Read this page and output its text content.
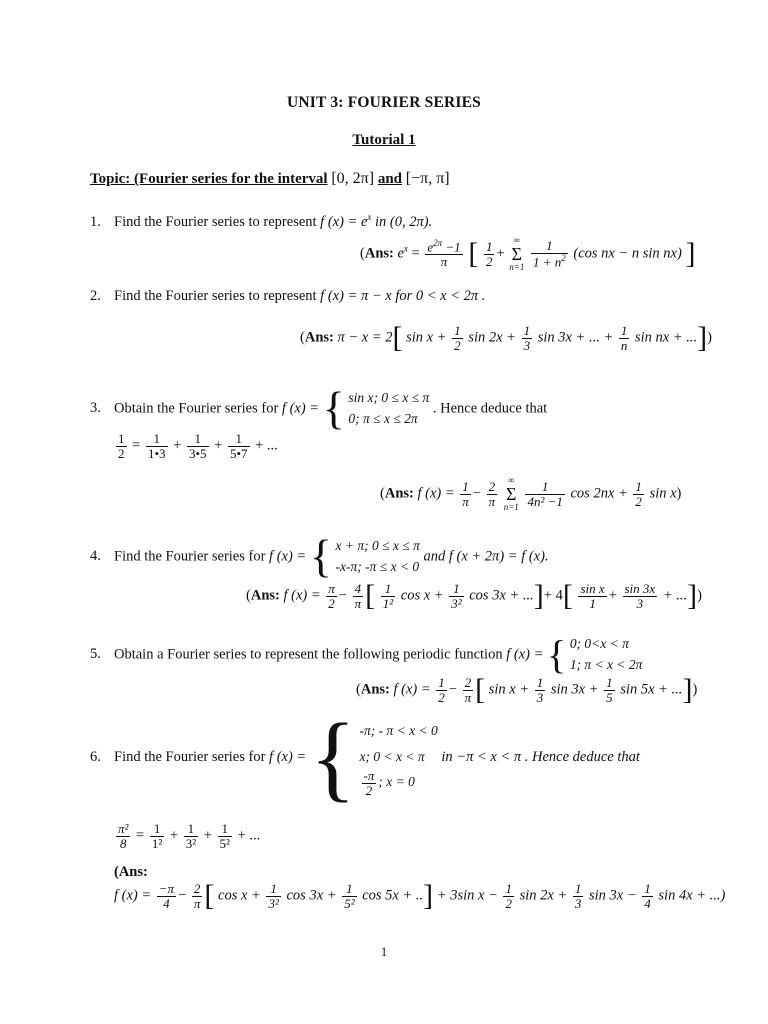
UNIT 3: FOURIER SERIES
Tutorial 1
Topic: (Fourier series for the interval [0, 2π] and [−π, π]
1. Find the Fourier series to represent f $(x) = e^x$ in (0, 2π).
(Ans: $e^x = \frac{e^{2\pi} -1}{\pi}$ [ $\frac{1}{2}$ +
∞
Σ
n=1
$\frac{1}{1 + n^2} (\cos$ nx − n sin nx) ]
2. Find the Fourier series to represent f (x) = π − x for 0 < x < 2π .
(Ans: π − x = 2[ $\sin x + \frac{1}{2}$ $\sin 2x + \frac{1}{3}$ sin 3x + ... + $\frac{1}{n}$ sin nx + ...])
3. Obtain the Fourier series for f (x) = { sin x; 0 ≤ x ≤ π
0; π ≤ x ≤ 2π
. Hence deduce that
$\frac{1}{2} = \frac{1}{1•3} + \frac{1}{3•5} + \frac{1}{5•7}$ + ...
(Ans: f $(x) = \frac{1}{\pi} - \frac{2}{\pi}$
	∞
Σ
n=1
$\frac{1}{\text{4n² −1}}$ $\cos 2nx + \frac{1}{2}$ sin x)
4. Find the Fourier series for f (x) = { x + π; 0 ≤ x ≤ π
-x-π; -π ≤ x < 0
and f (x + 2π) = f (x).
(Ans: f $(x) = \frac{\pi}{2} - \frac{4}{\pi}$ [ $\frac{1}{\text{1²}}$ $\cos x + \frac{1}{\text{3²}}$ cos 3x + ...]+ $4[ \frac{\text{sin x}}{1} + \frac{\sin 3x}{3}$ + ...])
5. Obtain a Fourier series to represent the following periodic function f (x) = { 0; 0<x < π
1; π < x < 2π
(Ans: f $(x) = \frac{1}{2} - \frac{2}{\pi}$ [ $\sin x + \frac{1}{3}$ $\sin 3x + \frac{1}{5}$ sin 5x + ...])
6. Find the Fourier series for f (x) = { -π; - π < x < 0
x; 0 < x < π
$\frac{-\pi}{2}$ ; x = 0
in −π < x < π . Hence deduce that
$\frac{\text{π²}}{8} = \frac{1}{\text{1²}} + \frac{1}{\text{3²}} + \frac{1}{\text{5²}}$ + ...
(Ans:
f $(x) = \frac{-\pi}{4} - \frac{2}{\pi}$ [ $\cos x + \frac{1}{\text{3²}}$ $\cos 3x + \frac{1}{\text{5²}}$ cos 5x + ..] + 3sin $x - \frac{1}{2}$ $\sin 2x + \frac{1}{3}$ $\sin 3x - \frac{1}{4}$ sin 4x + ...)
1
